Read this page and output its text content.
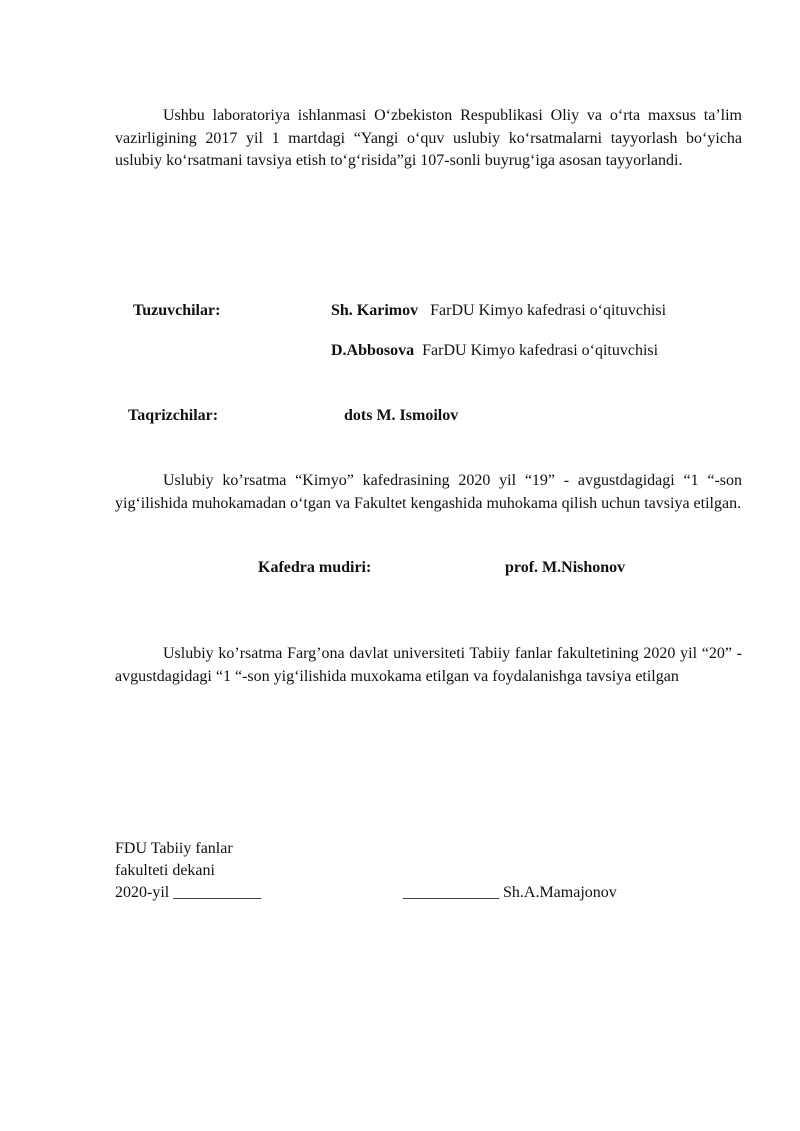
Ushbu laboratoriya ishlanmasi O‘zbekiston Respublikasi Oliy va o‘rta maxsus ta’lim vazirligining 2017 yil 1 martdagi “Yangi o‘quv uslubiy ko‘rsatmalarni tayyorlash bo‘yicha uslubiy ko‘rsatmani tavsiya etish to‘g‘risida”gi 107-sonli buyrug‘iga asosan tayyorlandi.

Tuzuvchilar:	Sh. Karimov FarDU Kimyo kafedrasi o‘qituvchisi
D.Abbosova FarDU Kimyo kafedrasi o‘qituvchisi
Taqrizchilar:	dots M. Ismoilov

Uslubiy ko’rsatma “Kimyo” kafedrasining 2020 yil “19” - avgustdagidagi “1 “-son yig‘ilishida muhokamadan o‘tgan va Fakultet kengashida muhokama qilish uchun tavsiya etilgan.

Kafedra mudiri:	prof. M.Nishonov

Uslubiy ko’rsatma Farg’ona davlat universiteti Tabiiy fanlar fakultetining 2020 yil “20” - avgustdagidagi “1 “-son yig‘ilishida muxokama etilgan va foydalanishga tavsiya etilgan

FDU Tabiiy fanlar
fakulteti dekani
2020-yil ___________	____________ Sh.A.Mamajonov
